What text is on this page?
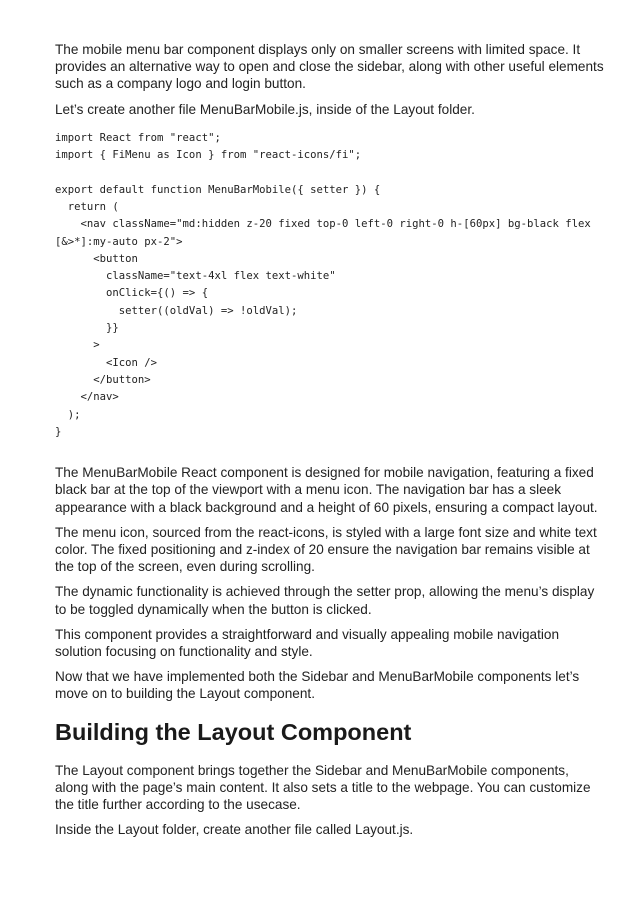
The mobile menu bar component displays only on smaller screens with limited space. It provides an alternative way to open and close the sidebar, along with other useful elements such as a company logo and login button.

Let’s create another file MenuBarMobile.js, inside of the Layout folder.

import React from "react";
import { FiMenu as Icon } from "react-icons/fi";
export default function MenuBarMobile({ setter }) {
return (
<nav className="md:hidden z-20 fixed top-0 left-0 right-0 h-[60px] bg-black flex
[&>*]:my-auto px-2">
<button
className="text-4xl flex text-white"
onClick={() => {
setter((oldVal) => !oldVal);
}}
>
<Icon />
</button>
</nav>
);
}

The MenuBarMobile React component is designed for mobile navigation, featuring a fixed black bar at the top of the viewport with a menu icon. The navigation bar has a sleek appearance with a black background and a height of 60 pixels, ensuring a compact layout.

The menu icon, sourced from the react-icons, is styled with a large font size and white text color. The fixed positioning and z-index of 20 ensure the navigation bar remains visible at the top of the screen, even during scrolling.

The dynamic functionality is achieved through the setter prop, allowing the menu’s display to be toggled dynamically when the button is clicked.

This component provides a straightforward and visually appealing mobile navigation solution focusing on functionality and style.

Now that we have implemented both the Sidebar and MenuBarMobile components let’s move on to building the Layout component.

Building the Layout Component

The Layout component brings together the Sidebar and MenuBarMobile components, along with the page’s main content. It also sets a title to the webpage. You can customize the title further according to the usecase.

Inside the Layout folder, create another file called Layout.js.
